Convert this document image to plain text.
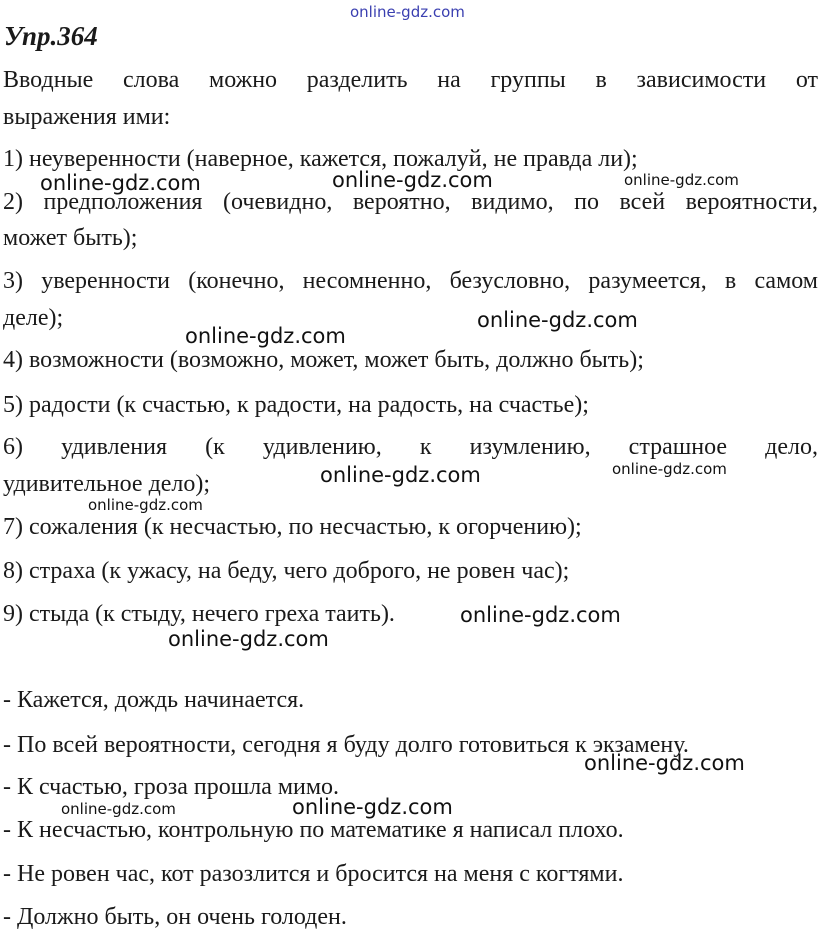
online-gdz.com
Упр.364
Вводные слова можно разделить на группы в зависимости от
выражения ими:
1) неуверенности (наверное, кажется, пожалуй, не правда ли);
2) предположения (очевидно, вероятно, видимо, по всей вероятности,
может быть);
3) уверенности (конечно, несомненно, безусловно, разумеется, в самом
деле);
4) возможности (возможно, может, может быть, должно быть);
5) радости (к счастью, к радости, на радость, на счастье);
6) удивления (к удивлению, к изумлению, страшное дело,
удивительное дело);
7) сожаления (к несчастью, по несчастью, к огорчению);
8) страха (к ужасу, на беду, чего доброго, не ровен час);
9) стыда (к стыду, нечего греха таить).
- Кажется, дождь начинается.
- По всей вероятности, сегодня я буду долго готовиться к экзамену.
- К счастью, гроза прошла мимо.
- К несчастью, контрольную по математике я написал плохо.
- Не ровен час, кот разозлится и бросится на меня с когтями.
- Должно быть, он очень голоден.
online-gdz.com	online-gdz.com	online-gdz.com
online-gdz.com
online-gdz.com
online-gdz.com	online-gdz.com
online-gdz.com
online-gdz.com
online-gdz.com
online-gdz.com
online-gdz.com	online-gdz.com
